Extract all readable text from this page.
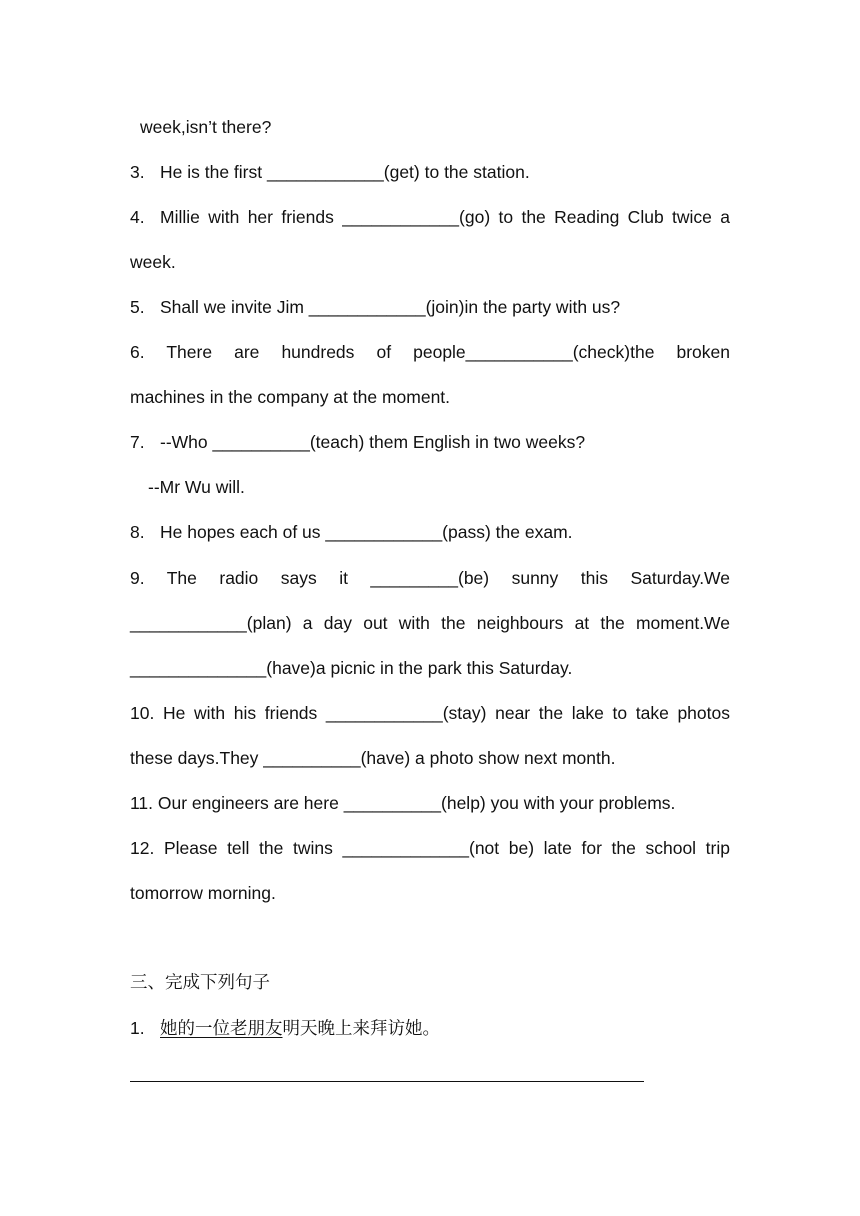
week,isn’t there?
3. He is the first ____________(get) to the station.
4. Millie with her friends ____________(go) to the Reading Club twice a
week.
5. Shall we invite Jim ____________(join)in the party with us?
6. There are hundreds of people___________(check)the broken
machines in the company at the moment.
7. --Who __________(teach) them English in two weeks?
--Mr Wu will.
8. He hopes each of us ____________(pass) the exam.
9. The radio says it _________(be) sunny this Saturday.We
____________(plan) a day out with the neighbours at the moment.We
______________(have)a picnic in the park this Saturday.
10. He with his friends ____________(stay) near the lake to take photos
these days.They __________(have) a photo show next month.
11. Our engineers are here __________(help) you with your problems.
12. Please tell the twins _____________(not be) late for the school trip
tomorrow morning.
三、完成下列句子
1. 她的一位老朋友明天晚上来拜访她。
